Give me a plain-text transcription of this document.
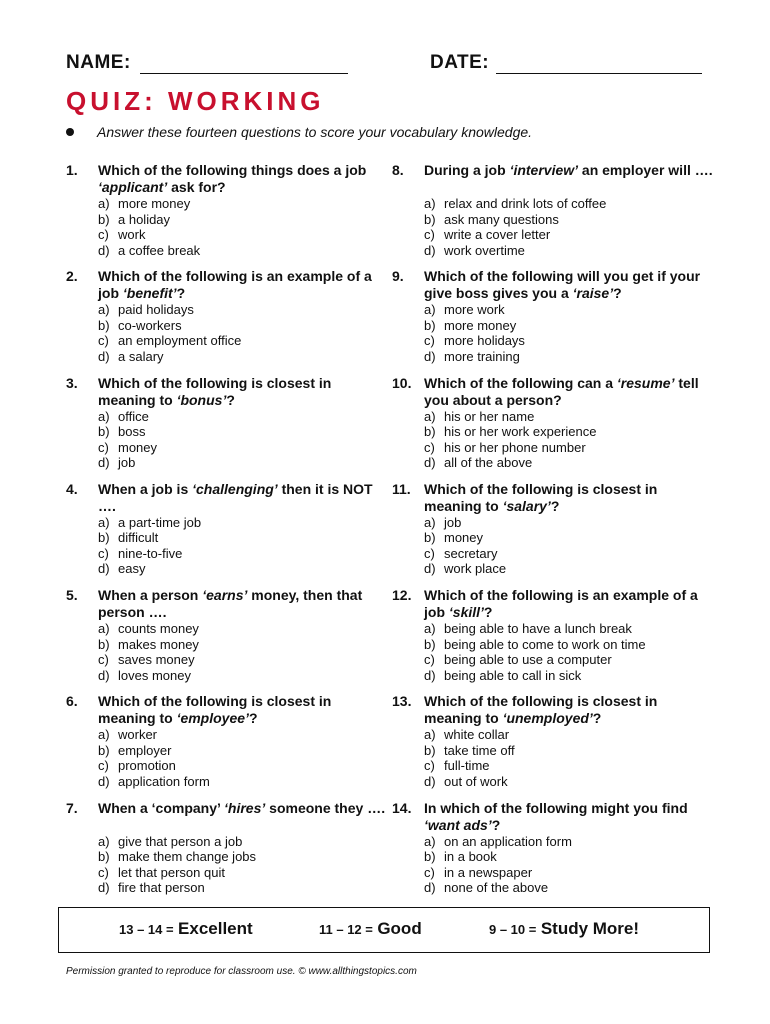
NAME:	DATE:
QUIZ: WORKING
Answer these fourteen questions to score your vocabulary knowledge.
1.	Which of the following things does a job ‘applicant’ ask for?
a) more money
b) a holiday
c) work
d) a coffee break
2.	Which of the following is an example of a job ‘benefit’?
a) paid holidays
b) co-workers
c) an employment office
d) a salary
3.	Which of the following is closest in meaning to ‘bonus’?
a) office
b) boss
c) money
d) job
4.	When a job is ‘challenging’ then it is NOT ….
a) a part-time job
b) difficult
c) nine-to-five
d) easy
5.	When a person ‘earns’ money, then that person ….
a) counts money
b) makes money
c) saves money
d) loves money
6.	Which of the following is closest in meaning to ‘employee’?
a) worker
b) employer
c) promotion
d) application form
7.	When a ‘company’ ‘hires’ someone they ….
a) give that person a job
b) make them change jobs
c) let that person quit
d) fire that person
8.	During a job ‘interview’ an employer will ….
a) relax and drink lots of coffee
b) ask many questions
c) write a cover letter
d) work overtime
9.	Which of the following will you get if your give boss gives you a ‘raise’?
a) more work
b) more money
c) more holidays
d) more training
10. Which of the following can a ‘resume’ tell you about a person?
a) his or her name
b) his or her work experience
c) his or her phone number
d) all of the above
11. Which of the following is closest in meaning to ‘salary’?
a) job
b) money
c) secretary
d) work place
12. Which of the following is an example of a job ‘skill’?
a) being able to have a lunch break
b) being able to come to work on time
c) being able to use a computer
d) being able to call in sick
13. Which of the following is closest in meaning to ‘unemployed’?
a) white collar
b) take time off
c) full-time
d) out of work
14. In which of the following might you find ‘want ads’?
a) on an application form
b) in a book
c) in a newspaper
d) none of the above
13 – 14 = Excellent	11 – 12 = Good	9 – 10 = Study More!
Permission granted to reproduce for classroom use. © www.allthingstopics.com
